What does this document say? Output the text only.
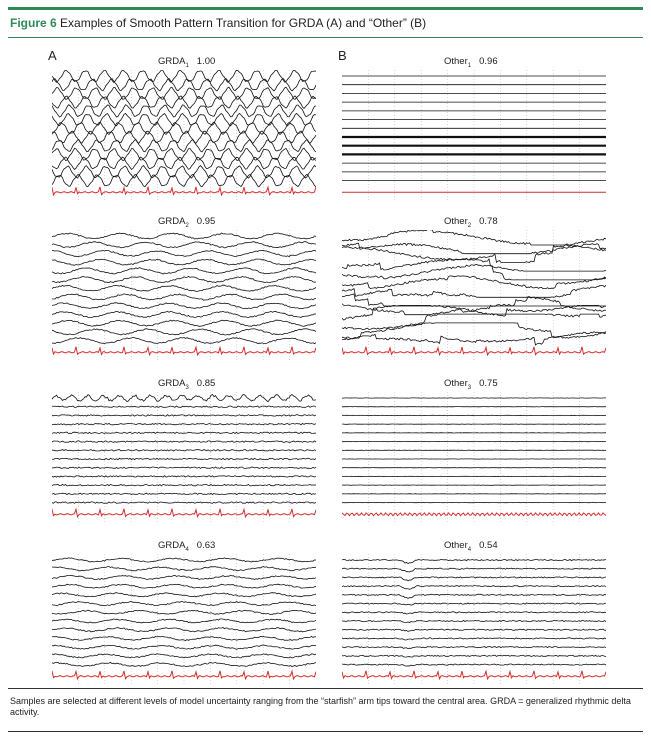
Figure 6 Examples of Smooth Pattern Transition for GRDA (A) and “Other” (B)
A	B
$GRDA_1$ 1.00
$GRDA_2$ 0.95
$GRDA_3$ 0.85
$GRDA_4$ 0.63
Other$_1$ 0.96
Other$_2$ 0.78
Other$_3$ 0.75
Other$_4$ 0.54
Samples are selected at different levels of model uncertainty ranging from the “starfish” arm tips toward the central area. GRDA = generalized rhythmic delta activity.
